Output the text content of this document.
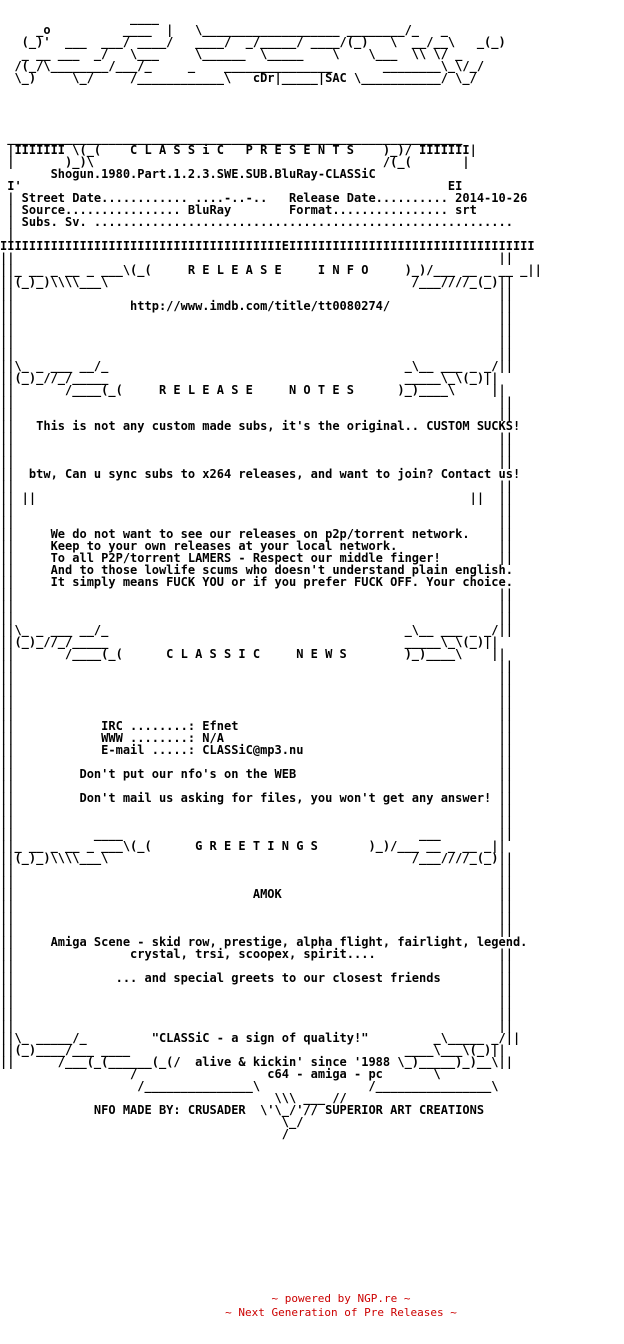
____
_o          ____  |   \___________________ ________/_   _
(_)'  ___  ___/ ____/   ____/  _/_____/ ____/(_)   \  __/__\   _(_)
_ __ ___  _/   \___     \______  \_____    \    \___  \\ \/ _
/(_/\________/___/_     _    _______________       ________\_\/_/
\_)     \_/     /____________\   cDr|_____|SAC \___________/ \_/

_______________________________________________________________
|IIIIIII \(_(    C L A S S i C   P R E S E N T S    )_)/ IIIIIII|
|       )_)\                                        /(_(       |
Shogun.1980.Part.1.2.3.SWE.SUB.BluRay-CLASSiC
I'                                                           EI
| Street Date............ ....-..-..   Release Date.......... 2014-10-26
| Source................ BluRay        Format................ srt
| Subs. Sv. ..........................................................
|
IIIIIIIIIIIIIIIIIIIIIIIIIIIIIIIIIIIIIIIEIIIIIIIIIIIIIIIIIIIIIIIIIIIIIIIIII
||                                                                   ||
||_ __ _ __ _ ___\(_(     R E L E A S E     I N F O     )_)/___ __ _ __ _||
||(_)_)\\\\___\                                          /___////_(_)||
||                                                                   ||
||                http://www.imdb.com/title/tt0080274/               ||
||                                                                   ||
||                                                                   ||
||                                                                   ||
||                                                                   ||
||\_ _ ___ __/_                                         _\__ ___ _ _/||
||(_)_//_/_____                                         _____\_\(_)||
||       /____(_(     R E L E A S E     N O T E S      )_)____\     ||
||                                                                   ||
||                                                                   ||
||   This is not any custom made subs, it's the original.. CUSTOM SUCKS!
||                                                                   ||
||                                                                   ||
||                                                                   ||
||  btw, Can u sync subs to x264 releases, and want to join? Contact us!
||                                                                   ||
|| ||                                                            ||  ||
||                                                                   ||
||                                                                   ||
||     We do not want to see our releases on p2p/torrent network.    ||
||     Keep to your own releases at your local network.              ||
||     To all P2P/torrent LAMERS - Respect our middle finger!        ||
||     And to those lowlife scums who doesn't understand plain english.
||     It simply means FUCK YOU or if you prefer FUCK OFF. Your choice.
||                                                                   ||
||                                                                   ||
||                                                                   ||
||\_ _ ___ __/_                                         _\__ ___ _ _/||
||(_)_//_/_____                                         _____\_\(_)||
||       /____(_(      C L A S S I C     N E W S        )_)____\    ||
||                                                                   ||
||                                                                   ||
||                                                                   ||
||                                                                   ||
||                                                                   ||
||            IRC ........: Efnet                                    ||
||            WWW ........: N/A                                      ||
||            E-mail .....: CLASSiC@mp3.nu                           ||
||                                                                   ||
||         Don't put our nfo's on the WEB                            ||
||                                                                   ||
||         Don't mail us asking for files, you won't get any answer! ||
||                                                                   ||
||                                                                   ||
||           ____                                         ___        ||
||_ __ _ __ _ ___\(_(      G R E E T I N G S       )_)/___ __ _ __ _||
||(_)_)\\\\___\                                          /___////_(_)||
||                                                                   ||
||                                                                   ||
||                                 AMOK                              ||
||                                                                   ||
||                                                                   ||
||                                                                   ||
||     Amiga Scene - skid row, prestige, alpha flight, fairlight, legend.
||                crystal, trsi, scoopex, spirit....                 ||
||                                                                   ||
||              ... and special greets to our closest friends        ||
||                                                                   ||
||                                                                   ||
||                                                                   ||
||                                                                   ||
||\_ _____/_         "CLASSiC - a sign of quality!"         _\_____ _/||
||(_)____/___ ____                                      ____\___\(_)||
||      /___(_(______(_(/  alive & kickin' since '1988 \_)_____)_)__\||
/                  c64 - amiga - pc       \
/_______________\               /________________\
\\\ ___ //
NFO MADE BY: CRUSADER  \'\_/'// SUPERIOR ART CREATIONS
\_/
/

~ powered by NGP.re ~
~ Next Generation of Pre Releases ~
